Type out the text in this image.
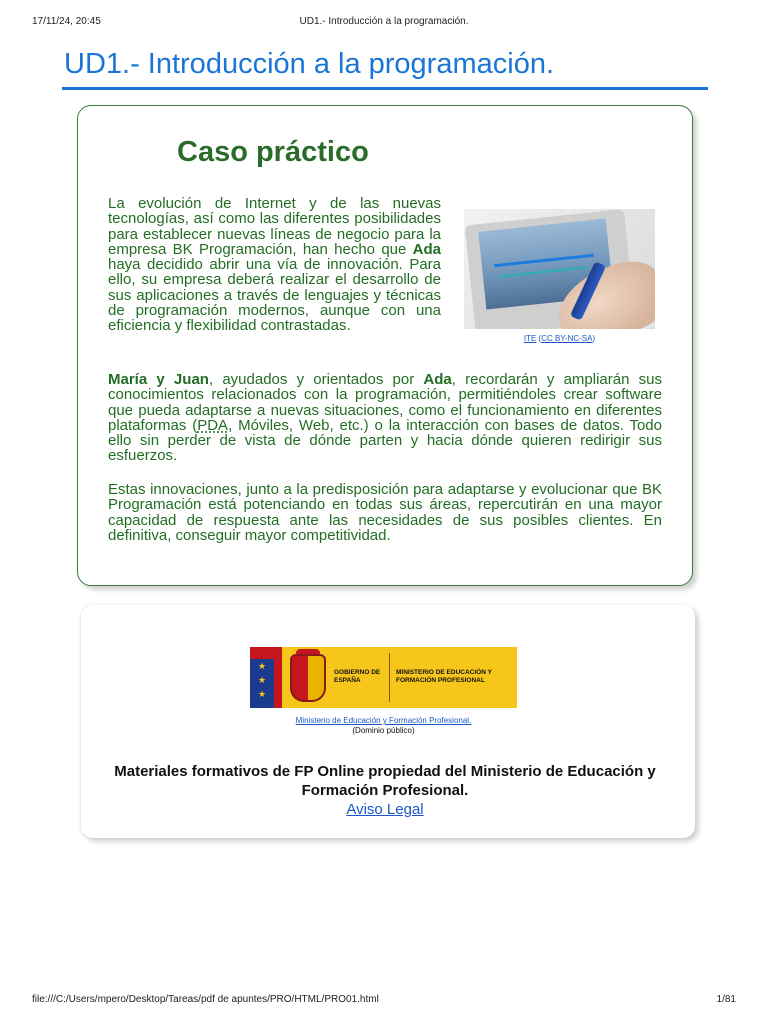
17/11/24, 20:45	UD1.- Introducción a la programación.
UD1.- Introducción a la programación.
Caso práctico

La evolución de Internet y de las nuevas tecnologías, así como las diferentes posibilidades para establecer nuevas líneas de negocio para la empresa BK Programación, han hecho que Ada haya decidido abrir una vía de innovación. Para ello, su empresa deberá realizar el desarrollo de sus aplicaciones a través de lenguajes y técnicas de programación modernos, aunque con una eficiencia y flexibilidad contrastadas.

ITE (CC BY-NC-SA)

María y Juan, ayudados y orientados por Ada, recordarán y ampliarán sus conocimientos relacionados con la programación, permitiéndoles crear software que pueda adaptarse a nuevas situaciones, como el funcionamiento en diferentes plataformas (PDA, Móviles, Web, etc.) o la interacción con bases de datos. Todo ello sin perder de vista de dónde parten y hacia dónde quieren redirigir sus esfuerzos.

Estas innovaciones, junto a la predisposición para adaptarse y evolucionar que BK Programación está potenciando en todas sus áreas, repercutirán en una mayor capacidad de respuesta ante las necesidades de sus posibles clientes. En definitiva, conseguir mayor competitividad.

★
★
★
GOBIERNO DE ESPAÑA
MINISTERIO DE EDUCACIÓN Y FORMACIÓN PROFESIONAL

Ministerio de Educación y Formación Profesional.
(Dominio público)

Materiales formativos de FP Online propiedad del Ministerio de Educación y Formación Profesional.

Aviso Legal
file:///C:/Users/mpero/Desktop/Tareas/pdf de apuntes/PRO/HTML/PRO01.html	1/81
